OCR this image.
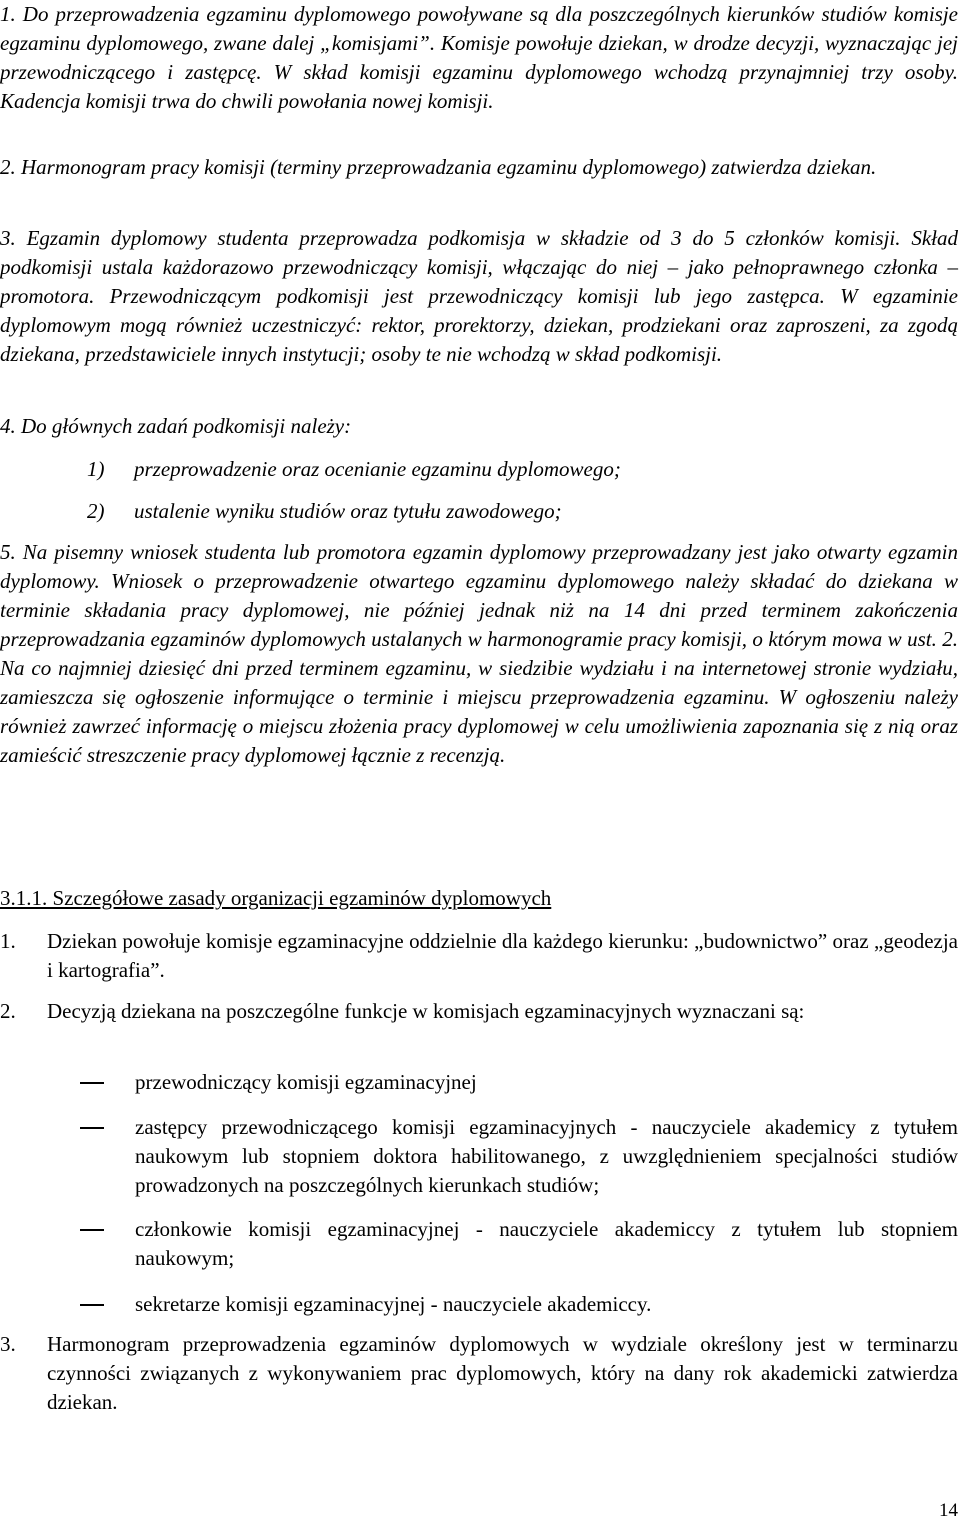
1. Do przeprowadzenia egzaminu dyplomowego powoływane są dla poszczególnych kierunków studiów komisje egzaminu dyplomowego, zwane dalej „komisjami”. Komisje powołuje dziekan, w drodze decyzji, wyznaczając jej przewodniczącego i zastępcę. W skład komisji egzaminu dyplomowego wchodzą przynajmniej trzy osoby. Kadencja komisji trwa do chwili powołania nowej komisji.
2. Harmonogram pracy komisji (terminy przeprowadzania egzaminu dyplomowego) zatwierdza dziekan.
3. Egzamin dyplomowy studenta przeprowadza podkomisja w składzie od 3 do 5 członków komisji. Skład podkomisji ustala każdorazowo przewodniczący komisji, włączając do niej – jako pełnoprawnego członka – promotora. Przewodniczącym podkomisji jest przewodniczący komisji lub jego zastępca. W egzaminie dyplomowym mogą również uczestniczyć: rektor, prorektorzy, dziekan, prodziekani oraz zaproszeni, za zgodą dziekana, przedstawiciele innych instytucji; osoby te nie wchodzą w skład podkomisji.
4. Do głównych zadań podkomisji należy:
1) przeprowadzenie oraz ocenianie egzaminu dyplomowego;
2) ustalenie wyniku studiów oraz tytułu zawodowego;
5. Na pisemny wniosek studenta lub promotora egzamin dyplomowy przeprowadzany jest jako otwarty egzamin dyplomowy. Wniosek o przeprowadzenie otwartego egzaminu dyplomowego należy składać do dziekana w terminie składania pracy dyplomowej, nie później jednak niż na 14 dni przed terminem zakończenia przeprowadzania egzaminów dyplomowych ustalanych w harmonogramie pracy komisji, o którym mowa w ust. 2. Na co najmniej dziesięć dni przed terminem egzaminu, w siedzibie wydziału i na internetowej stronie wydziału, zamieszcza się ogłoszenie informujące o terminie i miejscu przeprowadzenia egzaminu. W ogłoszeniu należy również zawrzeć informację o miejscu złożenia pracy dyplomowej w celu umożliwienia zapoznania się z nią oraz zamieścić streszczenie pracy dyplomowej łącznie z recenzją.
3.1.1. Szczegółowe zasady organizacji egzaminów dyplomowych
1. Dziekan powołuje komisje egzaminacyjne oddzielnie dla każdego kierunku: „budownictwo” oraz „geodezja i kartografia”.
2. Decyzją dziekana na poszczególne funkcje w komisjach egzaminacyjnych wyznaczani są:
przewodniczący komisji egzaminacyjnej
zastępcy przewodniczącego komisji egzaminacyjnych - nauczyciele akademicy z tytułem naukowym lub stopniem doktora habilitowanego, z uwzględnieniem specjalności studiów prowadzonych na poszczególnych kierunkach studiów;
członkowie komisji egzaminacyjnej - nauczyciele akademiccy z tytułem lub stopniem naukowym;
sekretarze komisji egzaminacyjnej - nauczyciele akademiccy.
3. Harmonogram przeprowadzenia egzaminów dyplomowych w wydziale określony jest w terminarzu czynności związanych z wykonywaniem prac dyplomowych, który na dany rok akademicki zatwierdza dziekan.
14
